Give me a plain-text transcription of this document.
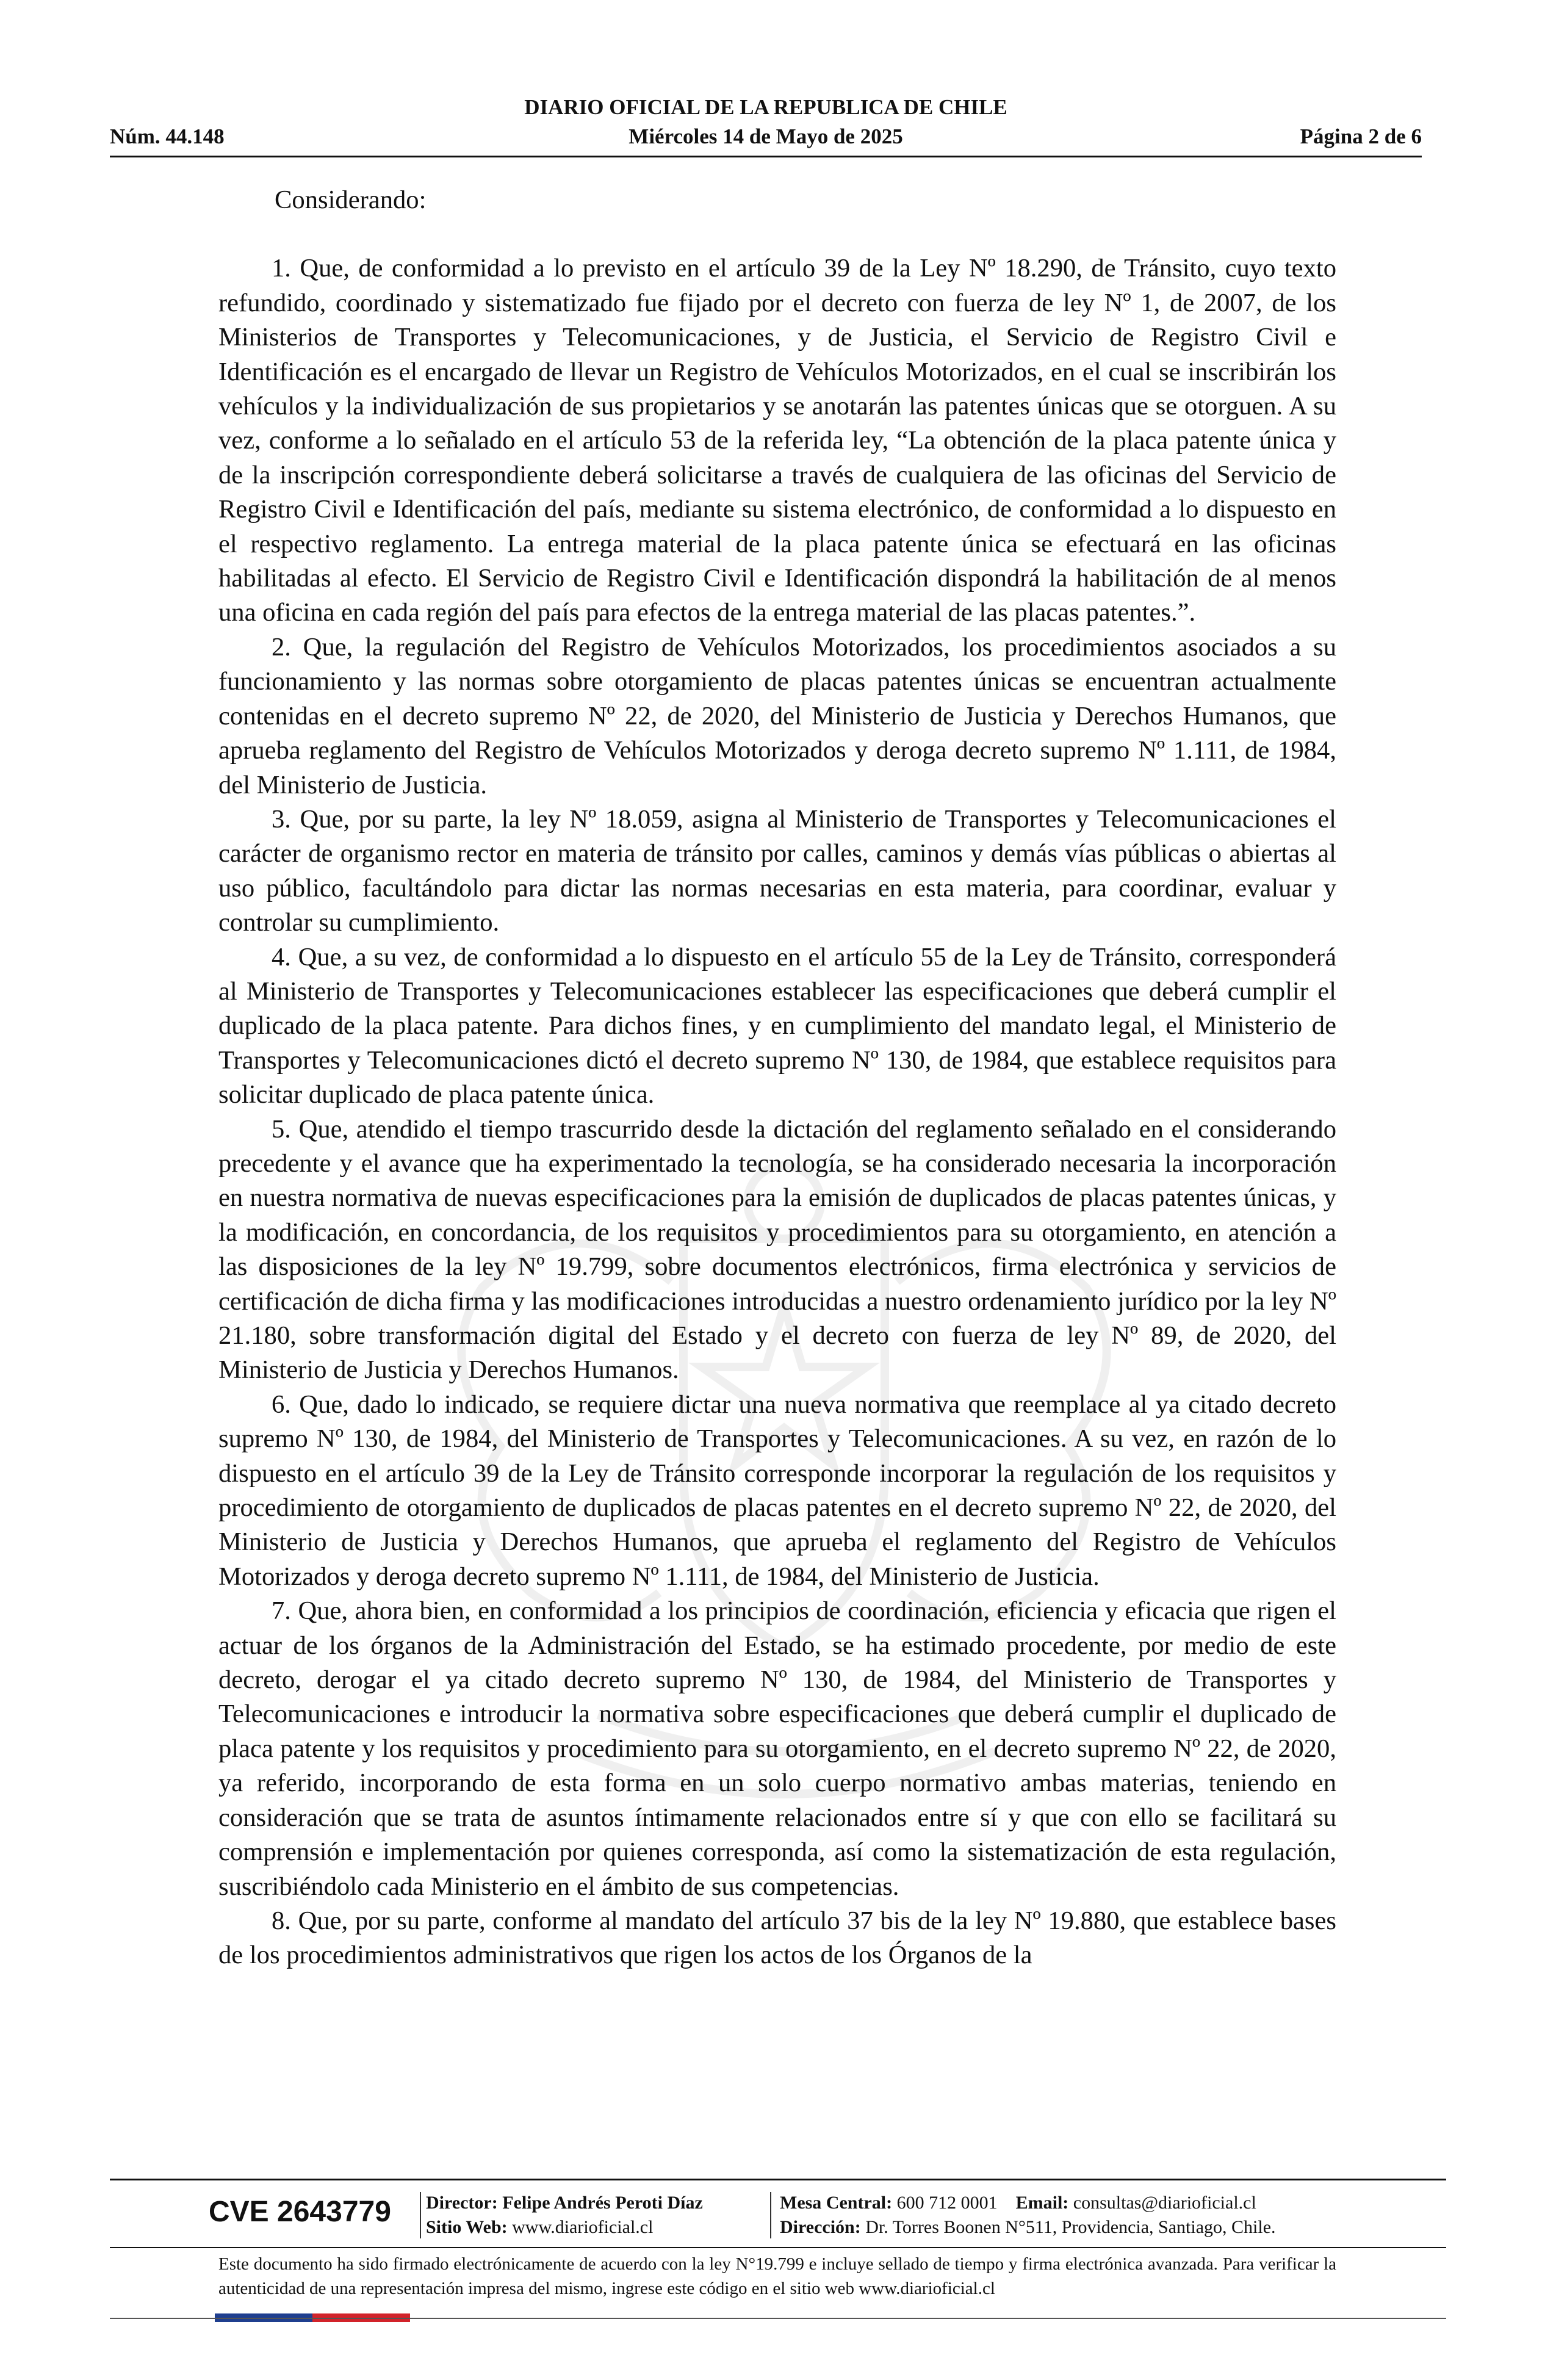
DIARIO OFICIAL DE LA REPUBLICA DE CHILE
Núm. 44.148	Miércoles 14 de Mayo de 2025	Página 2 de 6

Considerando:

1. Que, de conformidad a lo previsto en el artículo 39 de la Ley Nº 18.290, de Tránsito, cuyo texto refundido, coordinado y sistematizado fue fijado por el decreto con fuerza de ley Nº 1, de 2007, de los Ministerios de Transportes y Telecomunicaciones, y de Justicia, el Servicio de Registro Civil e Identificación es el encargado de llevar un Registro de Vehículos Motorizados, en el cual se inscribirán los vehículos y la individualización de sus propietarios y se anotarán las patentes únicas que se otorguen. A su vez, conforme a lo señalado en el artículo 53 de la referida ley, “La obtención de la placa patente única y de la inscripción correspondiente deberá solicitarse a través de cualquiera de las oficinas del Servicio de Registro Civil e Identificación del país, mediante su sistema electrónico, de conformidad a lo dispuesto en el respectivo reglamento. La entrega material de la placa patente única se efectuará en las oficinas habilitadas al efecto. El Servicio de Registro Civil e Identificación dispondrá la habilitación de al menos una oficina en cada región del país para efectos de la entrega material de las placas patentes.”.

2. Que, la regulación del Registro de Vehículos Motorizados, los procedimientos asociados a su funcionamiento y las normas sobre otorgamiento de placas patentes únicas se encuentran actualmente contenidas en el decreto supremo Nº 22, de 2020, del Ministerio de Justicia y Derechos Humanos, que aprueba reglamento del Registro de Vehículos Motorizados y deroga decreto supremo Nº 1.111, de 1984, del Ministerio de Justicia.

3. Que, por su parte, la ley Nº 18.059, asigna al Ministerio de Transportes y Telecomunicaciones el carácter de organismo rector en materia de tránsito por calles, caminos y demás vías públicas o abiertas al uso público, facultándolo para dictar las normas necesarias en esta materia, para coordinar, evaluar y controlar su cumplimiento.

4. Que, a su vez, de conformidad a lo dispuesto en el artículo 55 de la Ley de Tránsito, corresponderá al Ministerio de Transportes y Telecomunicaciones establecer las especificaciones que deberá cumplir el duplicado de la placa patente. Para dichos fines, y en cumplimiento del mandato legal, el Ministerio de Transportes y Telecomunicaciones dictó el decreto supremo Nº 130, de 1984, que establece requisitos para solicitar duplicado de placa patente única.

5. Que, atendido el tiempo trascurrido desde la dictación del reglamento señalado en el considerando precedente y el avance que ha experimentado la tecnología, se ha considerado necesaria la incorporación en nuestra normativa de nuevas especificaciones para la emisión de duplicados de placas patentes únicas, y la modificación, en concordancia, de los requisitos y procedimientos para su otorgamiento, en atención a las disposiciones de la ley Nº 19.799, sobre documentos electrónicos, firma electrónica y servicios de certificación de dicha firma y las modificaciones introducidas a nuestro ordenamiento jurídico por la ley Nº 21.180, sobre transformación digital del Estado y el decreto con fuerza de ley Nº 89, de 2020, del Ministerio de Justicia y Derechos Humanos.

6. Que, dado lo indicado, se requiere dictar una nueva normativa que reemplace al ya citado decreto supremo Nº 130, de 1984, del Ministerio de Transportes y Telecomunicaciones. A su vez, en razón de lo dispuesto en el artículo 39 de la Ley de Tránsito corresponde incorporar la regulación de los requisitos y procedimiento de otorgamiento de duplicados de placas patentes en el decreto supremo Nº 22, de 2020, del Ministerio de Justicia y Derechos Humanos, que aprueba el reglamento del Registro de Vehículos Motorizados y deroga decreto supremo Nº 1.111, de 1984, del Ministerio de Justicia.

7. Que, ahora bien, en conformidad a los principios de coordinación, eficiencia y eficacia que rigen el actuar de los órganos de la Administración del Estado, se ha estimado procedente, por medio de este decreto, derogar el ya citado decreto supremo Nº 130, de 1984, del Ministerio de Transportes y Telecomunicaciones e introducir la normativa sobre especificaciones que deberá cumplir el duplicado de placa patente y los requisitos y procedimiento para su otorgamiento, en el decreto supremo Nº 22, de 2020, ya referido, incorporando de esta forma en un solo cuerpo normativo ambas materias, teniendo en consideración que se trata de asuntos íntimamente relacionados entre sí y que con ello se facilitará su comprensión e implementación por quienes corresponda, así como la sistematización de esta regulación, suscribiéndolo cada Ministerio en el ámbito de sus competencias.

8. Que, por su parte, conforme al mandato del artículo 37 bis de la ley Nº 19.880, que establece bases de los procedimientos administrativos que rigen los actos de los Órganos de la

CVE 2643779	Director: Felipe Andrés Peroti Díaz
Sitio Web: www.diarioficial.cl
Mesa Central: 600 712 0001 Email: consultas@diarioficial.cl
Dirección: Dr. Torres Boonen N°511, Providencia, Santiago, Chile.
Este documento ha sido firmado electrónicamente de acuerdo con la ley N°19.799 e incluye sellado de tiempo y firma electrónica avanzada. Para verificar la autenticidad de una representación impresa del mismo, ingrese este código en el sitio web www.diarioficial.cl
